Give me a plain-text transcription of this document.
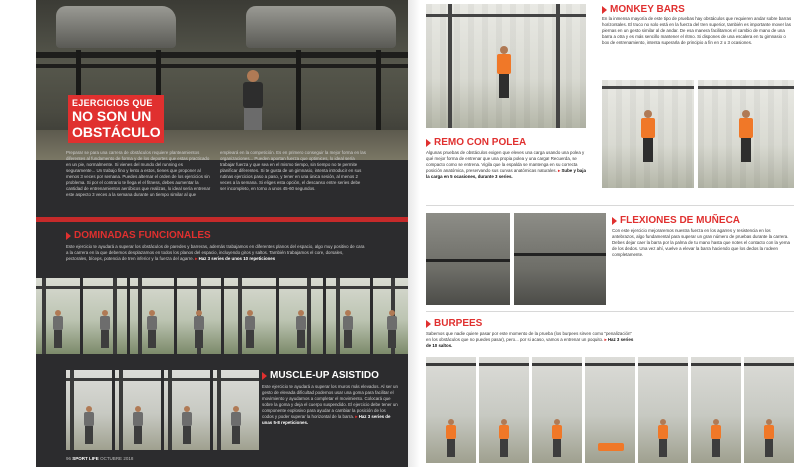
EJERCICIOS QUE
NO SON UN
OBSTÁCULO

Preparar se para una carrera de obstáculos requiere planteamientos diferentes al fundamento de forma y de los deportes que estas practicado en un pie, normalmente. Si vienes del mundo del running es seguramente... Un trabajo fino y lento a estos, tienes que proponer al menos 3 veces por semana. Puedes alternar el orden de los ejercicios sin problema. Si por el contrario te llega el el fitness, debes aumentar la cantidad de entrenamientos aeróbicos que realizas, lo ideal sería entrenar este aspecto 3 veces a la semana durante un tiempo similar al que

empleará en la competición. Es en primero conseguir la mejor forma en las organizaciones... Pueden aportan fuerza que optimices, lo ideal sería trabajar fuerza y que sea en el mismo tiempo, sin tiempo no te permite planificar diferentes. Si te gusta de un gimnasio, intenta introducir en sus rutinas ejercicios paso a paso, y tener en una única sesión, al menos 2 veces a la semana. Si eliges esta opción, el descanso entre series debe ser incompleto, en torno a unos 45-60 segundos.

DOMINADAS FUNCIONALES
Este ejercicio te ayudará a superar los obstáculos de paredes y barreras, además trabajamos en diferentes planos del espacio, algo muy positivo de cara a la carrera en la que debemos desplazarnos en todos los planos del espacio, incluyendo giros y saltos. También trabajamos el core, dorsales, pectorales, bíceps, potencia de tren inferior y la fuerza del agarre. ▸ Haz 3 series de unos 10 repeticiones
MUSCLE-UP ASISTIDO
Este ejercicio te ayudará a superar los muros más elevados. Al ser un gesto de elevada dificultad podemos usar una goma para facilitar el movimiento y ayudarnos a completar el movimiento. Colocará que sobre la goma y deja el cuerpo suspendido. El ejercicio debe tener un componente explosivo para ayudar a cambiar la posición de los codos y poder superar la horizontal de la barra. ▸ Haz 3 series de unas 5-8 repeticiones.
96 SPORT LIFE OCTUBRE 2018
MONKEY BARS
En la inmensa mayoría de este tipo de pruebas hay obstáculos que requieren andar sobre barras horizontales. El truco no solo está en la fuerza del tren superior, también es importante mover las piernas en un gesto similar al de andar. De esa manera facilitamos el cambio de mano de una barra a otra y es más sencillo mantener el ritmo. Si dispones de una escalera en tu gimnasio o box de entrenamiento, intenta superarla de principio a fin en 2 o 3 ocasiones.
REMO CON POLEA
Algunas pruebas de obstáculos exigen que eleves una carga usando una polea y qué mejor forma de entrenar que una propia polea y una carga! Recuerda, se compacto como se entrena. Vigila que la espalda se mantenga en su correcta posición anatómica, preservando sus curvas anatómicas naturales. ▸ Sube y baja la carga en 5 ocasiones, durante 3 series.
FLEXIONES DE MUÑECA
Con este ejercicio mejoraremos nuestra fuerza en los agarres y resistencia en los antebrazos, algo fundamental para superar un gran número de pruebas durante la carrera. Debes dejar caer la barra por la palma de tu mano hasta que notes el contacto con la yema de los dedos. Una vez ahí, vuelve a elevar la barra haciendo que los dedos la rodeen completamente.
BURPEES
Sabemos que nadie quiere pasar por este momento de la prueba (los burpees sirven como "penalización" en los obstáculos que no puedes pasar), pero... por si acaso, vamos a entrenar un poquito. ▸ Haz 3 series de 10 saltos.
